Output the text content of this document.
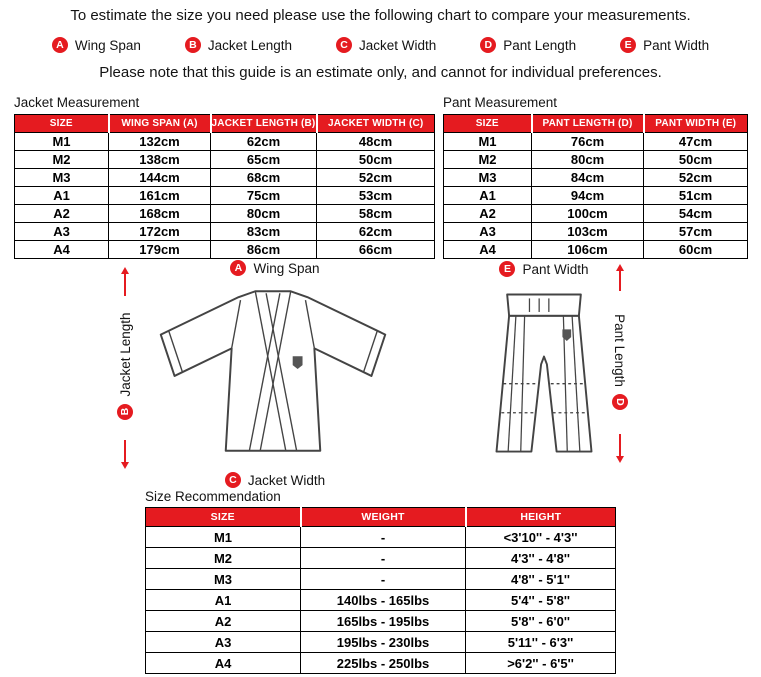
To estimate the size you need please use the following chart to compare your measurements.
A Wing Span	B Jacket Length	C Jacket Width	D Pant Length	E Pant Width
Please note that this guide is an estimate only, and cannot for individual preferences.
Jacket Measurement
SIZE	WING SPAN (A)	JACKET LENGTH (B)	JACKET WIDTH (C)
M1	132cm	62cm	48cm
M2	138cm	65cm	50cm
M3	144cm	68cm	52cm
A1	161cm	75cm	53cm
A2	168cm	80cm	58cm
A3	172cm	83cm	62cm
A4	179cm	86cm	66cm
Pant Measurement
SIZE	PANT LENGTH (D)	PANT WIDTH (E)
M1	76cm	47cm
M2	80cm	50cm
M3	84cm	52cm
A1	94cm	51cm
A2	100cm	54cm
A3	103cm	57cm
A4	106cm	60cm
A Wing Span	E Pant Width
B
Jacket Length	Pant Length
D
C Jacket Width
Size Recommendation
SIZE	WEIGHT	HEIGHT
M1	-	<3'10'' - 4'3''
M2	-	4'3'' - 4'8''
M3	-	4'8'' - 5'1''
A1	140lbs - 165lbs	5'4'' - 5'8''
A2	165lbs - 195lbs	5'8'' - 6'0''
A3	195lbs - 230lbs	5'11'' - 6'3''
A4	225lbs - 250lbs	>6'2'' - 6'5''
